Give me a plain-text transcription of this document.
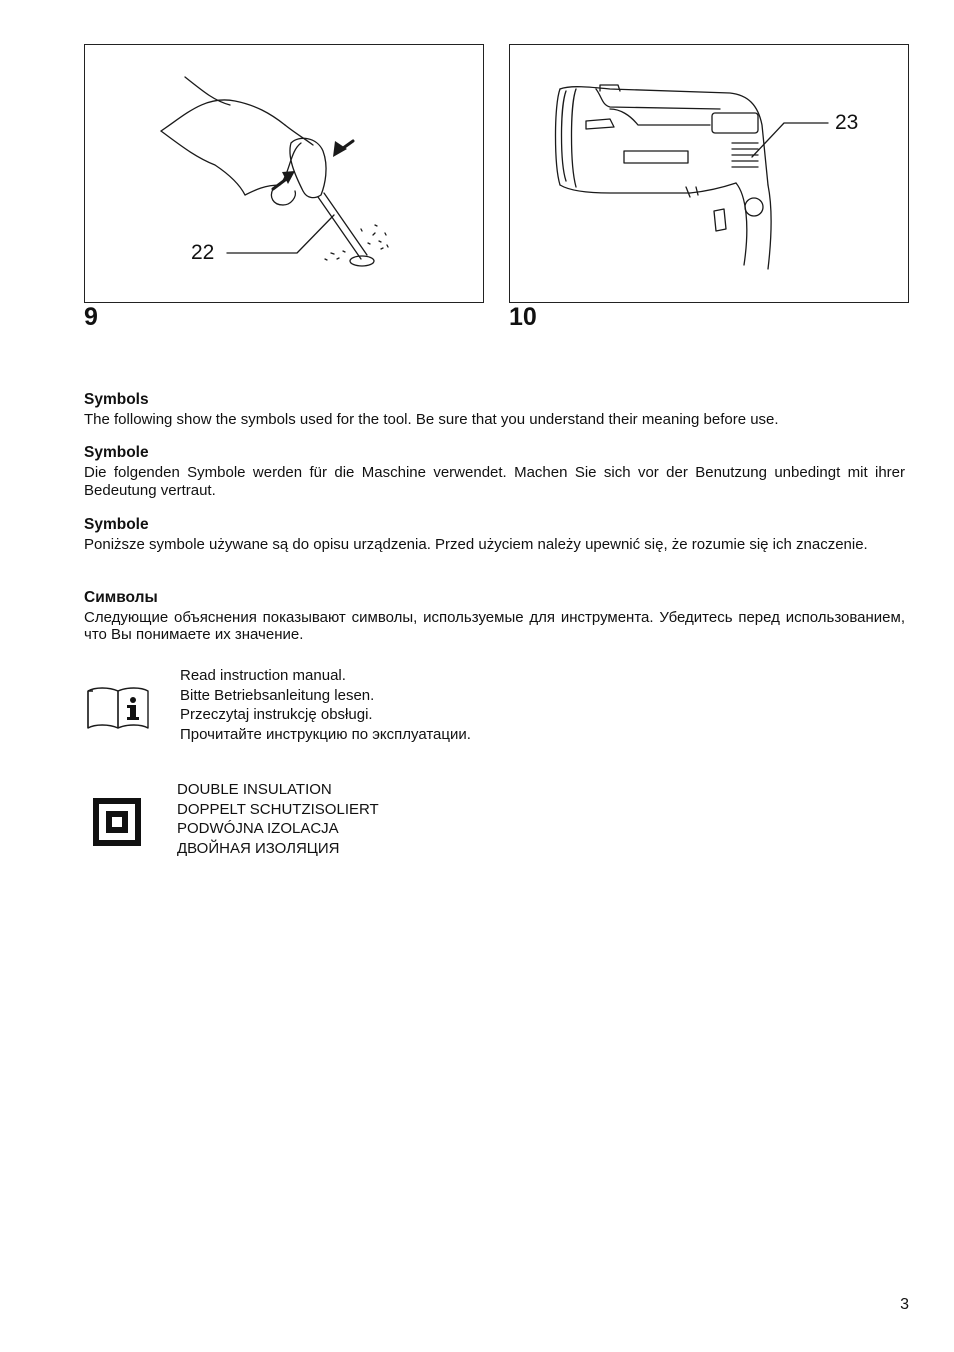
22
9
23
10

Symbols

The following show the symbols used for the tool. Be sure that you understand their meaning before use.

Symbole

Die folgenden Symbole werden für die Maschine verwendet. Machen Sie sich vor der Benutzung unbedingt mit ihrer Bedeutung vertraut.

Symbole

Poniższe symbole używane są do opisu urządzenia. Przed użyciem należy upewnić się, że rozumie się ich znaczenie.

Символы

Следующие объяснения показывают символы, используемые для инструмента. Убедитесь перед использованием, что Вы понимаете их значение.

Read instruction manual.
Bitte Betriebsanleitung lesen.
Przeczytaj instrukcję obsługi.
Прочитайте инструкцию по эксплуатации.
DOUBLE INSULATION
DOPPELT SCHUTZISOLIERT
PODWÓJNA IZOLACJA
ДВОЙНАЯ ИЗОЛЯЦИЯ
3
